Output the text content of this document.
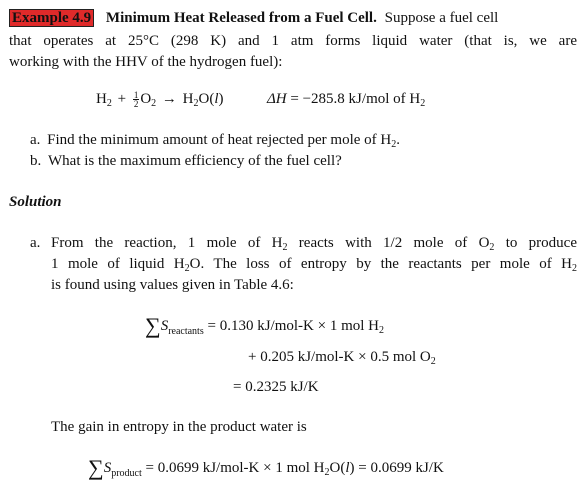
Example 4.9 Minimum Heat Released from a Fuel Cell. Suppose a fuel cell
that operates at 25°C (298 K) and 1 atm forms liquid water (that is, we are
working with the HHV of the hydrogen fuel):
$H_2 + \frac{1}{2} O_2 \to H_2O(l)$	ΔH = −285.8 kJ/mol of $H_2$
a. Find the minimum amount of heat rejected per mole of $H_2$.
b. What is the maximum efficiency of the fuel cell?
Solution
a. From the reaction, 1 mole of $H_2$ reacts with 1/2 mole of $O_2$ to produce
1 mole of liquid $H_2O$. The loss of entropy by the reactants per mole of $H_2$
is found using values given in Table 4.6:
$\sum S_{reactants} = 0.130$ kJ/mol-K × 1 mol $H_2$
+ 0.205 kJ/mol-K × 0.5 mol $O_2$
= 0.2325 kJ/K
The gain in entropy in the product water is
$\sum S_{product} = 0.0699$ kJ/mol-K × 1 mol $H_2O(l) = 0.0699$ kJ/K
